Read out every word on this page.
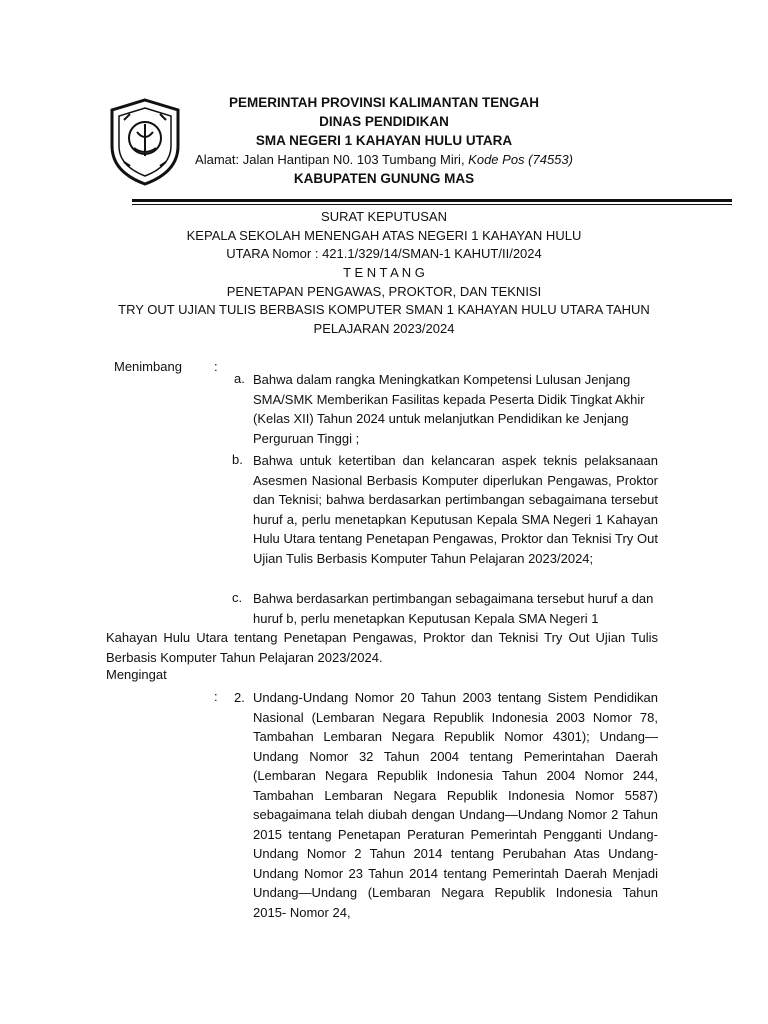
PEMERINTAH PROVINSI KALIMANTAN TENGAH
DINAS PENDIDIKAN
SMA NEGERI 1 KAHAYAN HULU UTARA
Alamat: Jalan Hantipan N0. 103 Tumbang Miri, Kode Pos (74553)
KABUPATEN GUNUNG MAS
SURAT KEPUTUSAN
KEPALA SEKOLAH MENENGAH ATAS NEGERI 1 KAHAYAN HULU
UTARA Nomor : 421.1/329/14/SMAN-1 KAHUT/II/2024
T E N T A N G
PENETAPAN PENGAWAS, PROKTOR, DAN TEKNISI
TRY OUT UJIAN TULIS BERBASIS KOMPUTER SMAN 1 KAHAYAN HULU UTARA TAHUN
PELAJARAN 2023/2024
Menimbang :
a. Bahwa dalam rangka Meningkatkan Kompetensi Lulusan Jenjang SMA/SMK Memberikan Fasilitas kepada Peserta Didik Tingkat Akhir (Kelas XII) Tahun 2024 untuk melanjutkan Pendidikan ke Jenjang Perguruan Tinggi ;
b. Bahwa untuk ketertiban dan kelancaran aspek teknis pelaksanaan Asesmen Nasional Berbasis Komputer diperlukan Pengawas, Proktor dan Teknisi; bahwa berdasarkan pertimbangan sebagaimana tersebut huruf a, perlu menetapkan Keputusan Kepala SMA Negeri 1 Kahayan Hulu Utara tentang Penetapan Pengawas, Proktor dan Teknisi Try Out Ujian Tulis Berbasis Komputer Tahun Pelajaran 2023/2024;
c. Bahwa berdasarkan pertimbangan sebagaimana tersebut huruf a dan huruf b, perlu menetapkan Keputusan Kepala SMA Negeri 1
Kahayan Hulu Utara tentang Penetapan Pengawas, Proktor dan Teknisi Try Out Ujian Tulis Berbasis Komputer Tahun Pelajaran 2023/2024.
Mengingat
: 2. Undang-Undang Nomor 20 Tahun 2003 tentang Sistem Pendidikan Nasional (Lembaran Negara Republik Indonesia 2003 Nomor 78, Tambahan Lembaran Negara Republik Nomor 4301); Undang—Undang Nomor 32 Tahun 2004 tentang Pemerintahan Daerah (Lembaran Negara Republik Indonesia Tahun 2004 Nomor 244, Tambahan Lembaran Negara Republik Indonesia Nomor 5587) sebagaimana telah diubah dengan Undang—Undang Nomor 2 Tahun 2015 tentang Penetapan Peraturan Pemerintah Pengganti Undang-Undang Nomor 2 Tahun 2014 tentang Perubahan Atas Undang-Undang Nomor 23 Tahun 2014 tentang Pemerintah Daerah Menjadi Undang—Undang (Lembaran Negara Republik Indonesia Tahun 2015- Nomor 24,
